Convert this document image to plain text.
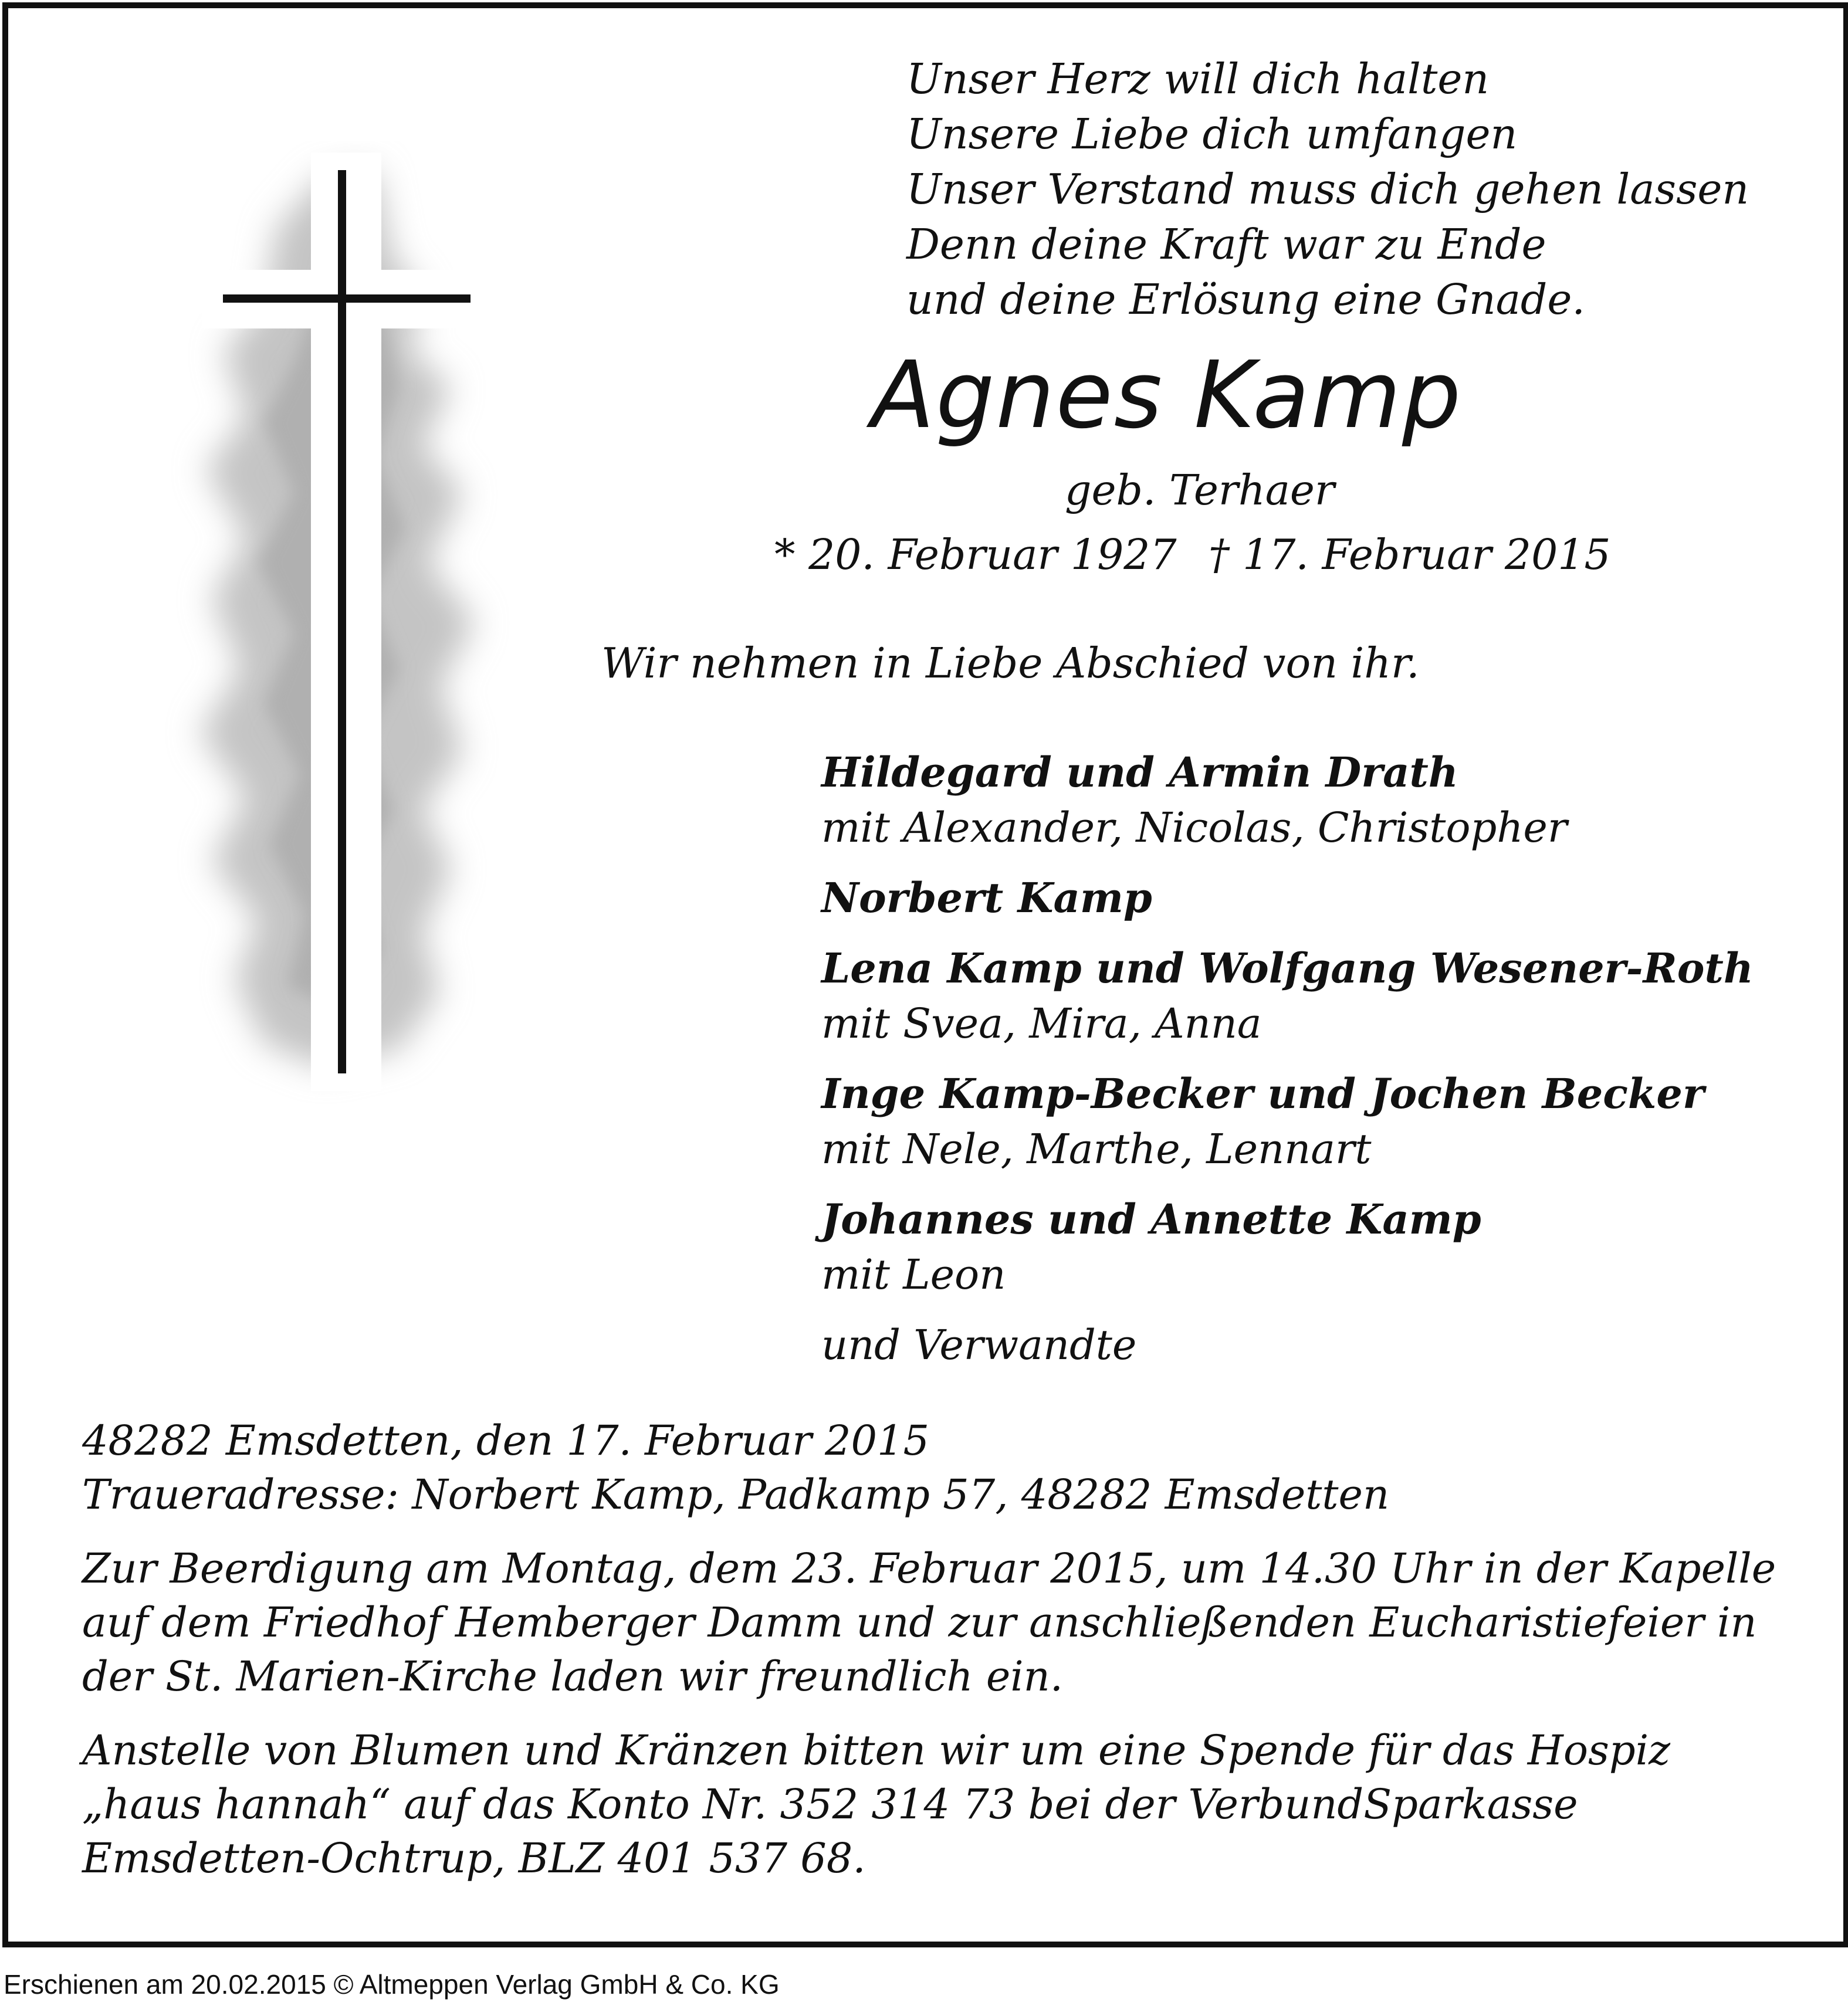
Unser Herz will dich halten
Unsere Liebe dich umfangen
Unser Verstand muss dich gehen lassen
Denn deine Kraft war zu Ende
und deine Erlösung eine Gnade.
Agnes Kamp
geb. Terhaer
* 20. Februar 1927 † 17. Februar 2015
Wir nehmen in Liebe Abschied von ihr.
Hildegard und Armin Drath
mit Alexander, Nicolas, Christopher
Norbert Kamp
Lena Kamp und Wolfgang Wesener-Roth
mit Svea, Mira, Anna
Inge Kamp-Becker und Jochen Becker
mit Nele, Marthe, Lennart
Johannes und Annette Kamp
mit Leon
und Verwandte
48282 Emsdetten, den 17. Februar 2015
Traueradresse: Norbert Kamp, Padkamp 57, 48282 Emsdetten
Zur Beerdigung am Montag, dem 23. Februar 2015, um 14.30 Uhr in der Kapelle
auf dem Friedhof Hemberger Damm und zur anschließenden Eucharistiefeier in
der St. Marien-Kirche laden wir freundlich ein.
Anstelle von Blumen und Kränzen bitten wir um eine Spende für das Hospiz
„haus hannah“ auf das Konto Nr. 352 314 73 bei der VerbundSparkasse
Emsdetten-Ochtrup, BLZ 401 537 68.
Erschienen am 20.02.2015 © Altmeppen Verlag GmbH & Co. KG
